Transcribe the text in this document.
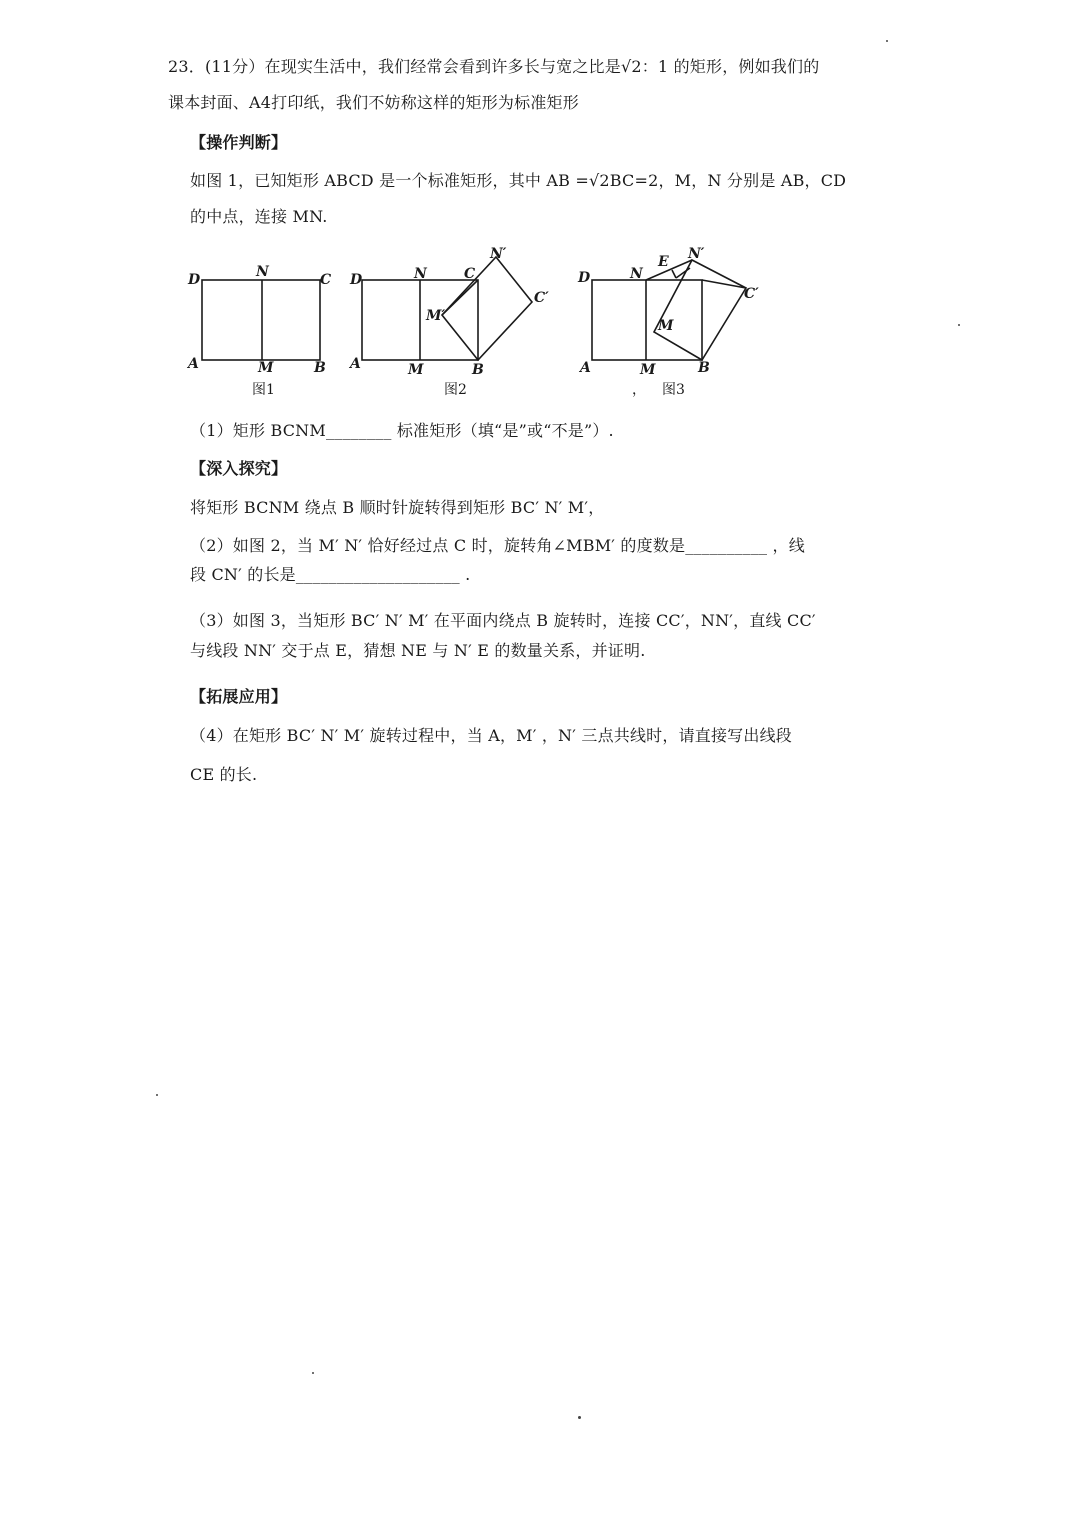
23．(11分）在现实生活中，我们经常会看到许多长与宽之比是√2：1 的矩形，例如我们的
课本封面、A4打印纸，我们不妨称这样的矩形为标准矩形
【操作判断】
如图 1，已知矩形 ABCD 是一个标准矩形，其中 AB =√2BC=2，M，N 分别是 AB，CD
的中点，连接 MN.
D	N	C
A	M	B
D	N	C
N′
C′
M′
A	M	B
D	N
E N′
C′
M
A	M	B
图1	图2	， 图3
（1）矩形 BCNM________ 标准矩形（填“是”或“不是”）.
【深入探究】
将矩形 BCNM 绕点 B 顺时针旋转得到矩形 BC′ N′ M′，
（2）如图 2，当 M′ N′ 恰好经过点 C 时，旋转角∠MBM′ 的度数是__________ ，线
段 CN′ 的长是____________________ .
（3）如图 3，当矩形 BC′ N′ M′ 在平面内绕点 B 旋转时，连接 CC′，NN′，直线 CC′
与线段 NN′ 交于点 E，猜想 NE 与 N′ E 的数量关系，并证明.
【拓展应用】
（4）在矩形 BC′ N′ M′ 旋转过程中，当 A，M′ ，N′ 三点共线时，请直接写出线段
CE 的长.
